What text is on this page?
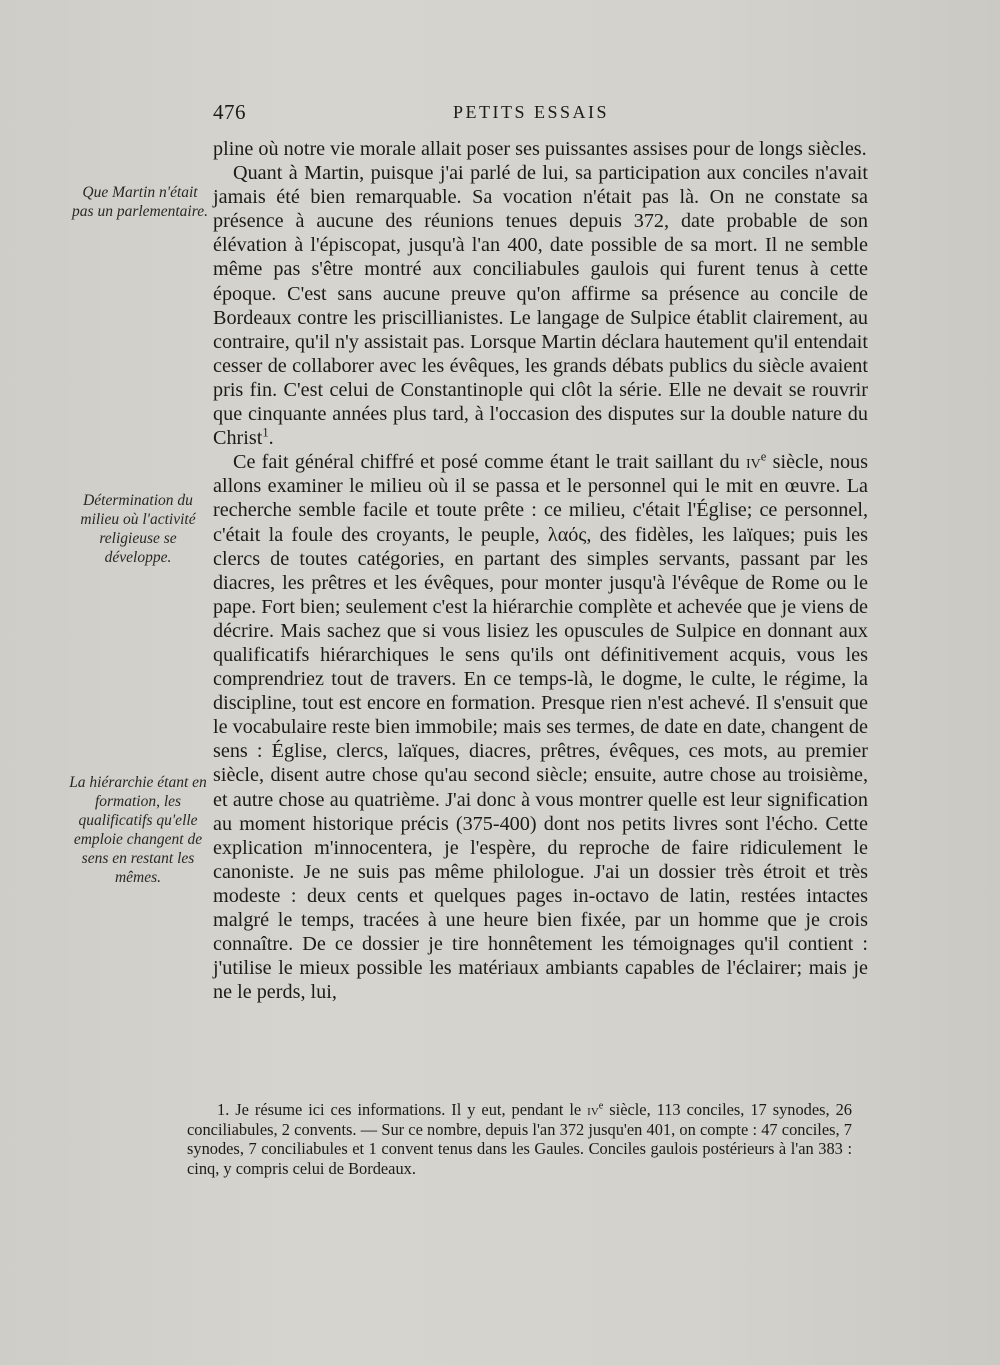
476	PETITS ESSAIS
Que Martin n'était pas un parlementaire.
Détermination du milieu où l'activité religieuse se développe.
La hiérarchie étant en formation, les qualificatifs qu'elle emploie changent de sens en restant les mêmes.

pline où notre vie morale allait poser ses puissantes assises pour de longs siècles.

Quant à Martin, puisque j'ai parlé de lui, sa participation aux conciles n'avait jamais été bien remarquable. Sa vocation n'était pas là. On ne constate sa présence à aucune des réunions tenues depuis 372, date probable de son élévation à l'épiscopat, jusqu'à l'an 400, date possible de sa mort. Il ne semble même pas s'être montré aux conciliabules gaulois qui furent tenus à cette époque. C'est sans aucune preuve qu'on affirme sa présence au concile de Bordeaux contre les priscillianistes. Le langage de Sulpice établit clairement, au contraire, qu'il n'y assistait pas. Lorsque Martin déclara hautement qu'il entendait cesser de collaborer avec les évêques, les grands débats publics du siècle avaient pris fin. C'est celui de Constantinople qui clôt la série. Elle ne devait se rouvrir que cinquante années plus tard, à l'occasion des disputes sur la double nature du Christ$^1$.

Ce fait général chiffré et posé comme étant le trait saillant du $iv^e$ siècle, nous allons examiner le milieu où il se passa et le personnel qui le mit en œuvre. La recherche semble facile et toute prête : ce milieu, c'était l'Église; ce personnel, c'était la foule des croyants, le peuple, λαός, des fidèles, les laïques; puis les clercs de toutes catégories, en partant des simples servants, passant par les diacres, les prêtres et les évêques, pour monter jusqu'à l'évêque de Rome ou le pape. Fort bien; seulement c'est la hiérarchie complète et achevée que je viens de décrire. Mais sachez que si vous lisiez les opuscules de Sulpice en donnant aux qualificatifs hiérarchiques le sens qu'ils ont définitivement acquis, vous les comprendriez tout de travers. En ce temps-là, le dogme, le culte, le régime, la discipline, tout est encore en formation. Presque rien n'est achevé. Il s'ensuit que le vocabulaire reste bien immobile; mais ses termes, de date en date, changent de sens : Église, clercs, laïques, diacres, prêtres, évêques, ces mots, au premier siècle, disent autre chose qu'au second siècle; ensuite, autre chose au troisième, et autre chose au quatrième. J'ai donc à vous montrer quelle est leur signification au moment historique précis (375-400) dont nos petits livres sont l'écho. Cette explication m'innocentera, je l'espère, du reproche de faire ridiculement le canoniste. Je ne suis pas même philologue. J'ai un dossier très étroit et très modeste : deux cents et quelques pages in-octavo de latin, restées intactes malgré le temps, tracées à une heure bien fixée, par un homme que je crois connaître. De ce dossier je tire honnêtement les témoignages qu'il contient : j'utilise le mieux possible les matériaux ambiants capables de l'éclairer; mais je ne le perds, lui,

1. Je résume ici ces informations. Il y eut, pendant le $iv^e$ siècle, 113 conciles, 17 synodes, 26 conciliabules, 2 convents. — Sur ce nombre, depuis l'an 372 jusqu'en 401, on compte : 47 conciles, 7 synodes, 7 conciliabules et 1 convent tenus dans les Gaules. Conciles gaulois postérieurs à l'an 383 : cinq, y compris celui de Bordeaux.
